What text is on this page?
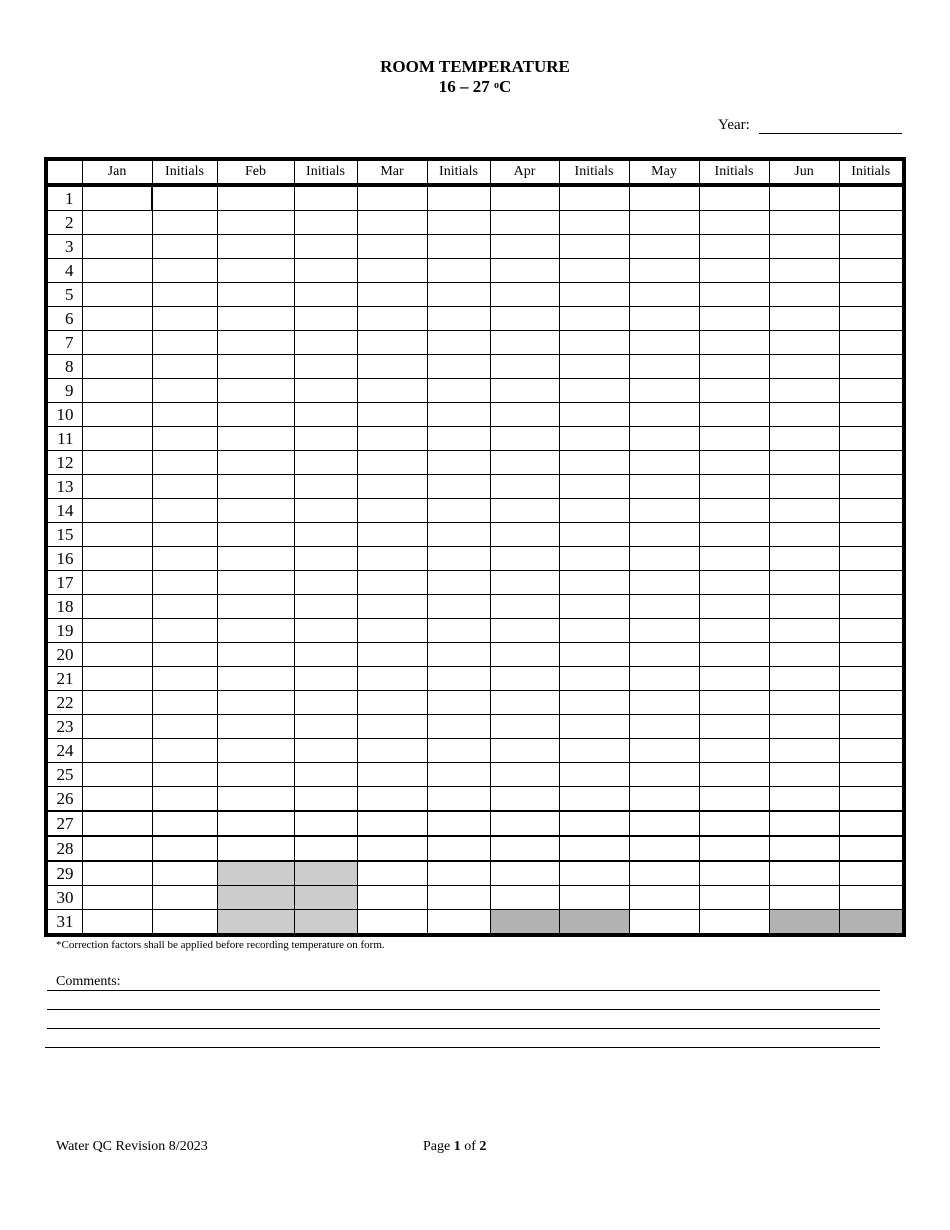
ROOM TEMPERATURE
16 – 27 $^o$C
Year:
	Jan	Initials	Feb	Initials	Mar	Initials	Apr	Initials	May	Initials	Jun	Initials
1												
2												
3												
4												
5												
6												
7												
8												
9												
10												
11												
12												
13												
14												
15												
16												
17												
18												
19												
20												
21												
22												
23												
24												
25												
26												
27												
28												
29												
30												
31												
*Correction factors shall be applied before recording temperature on form.
Comments:
Water QC Revision 8/2023	Page 1 of 2
